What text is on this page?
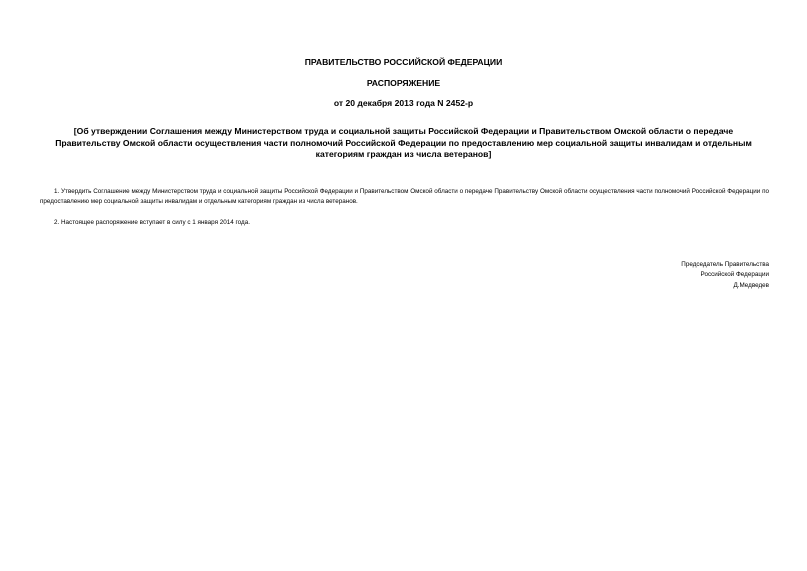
ПРАВИТЕЛЬСТВО РОССИЙСКОЙ ФЕДЕРАЦИИ

РАСПОРЯЖЕНИЕ

от 20 декабря 2013 года N 2452-р

[Об утверждении Соглашения между Министерством труда и социальной защиты Российской Федерации и Правительством Омской области о передаче Правительству Омской области осуществления части полномочий Российской Федерации по предоставлению мер социальной защиты инвалидам и отдельным категориям граждан из числа ветеранов]

1. Утвердить Соглашение между Министерством труда и социальной защиты Российской Федерации и Правительством Омской области о передаче Правительству Омской области осуществления части полномочий Российской Федерации по предоставлению мер социальной защиты инвалидам и отдельным категориям граждан из числа ветеранов.

2. Настоящее распоряжение вступает в силу с 1 января 2014 года.

Председатель Правительства

Российской Федерации

Д.Медведев
